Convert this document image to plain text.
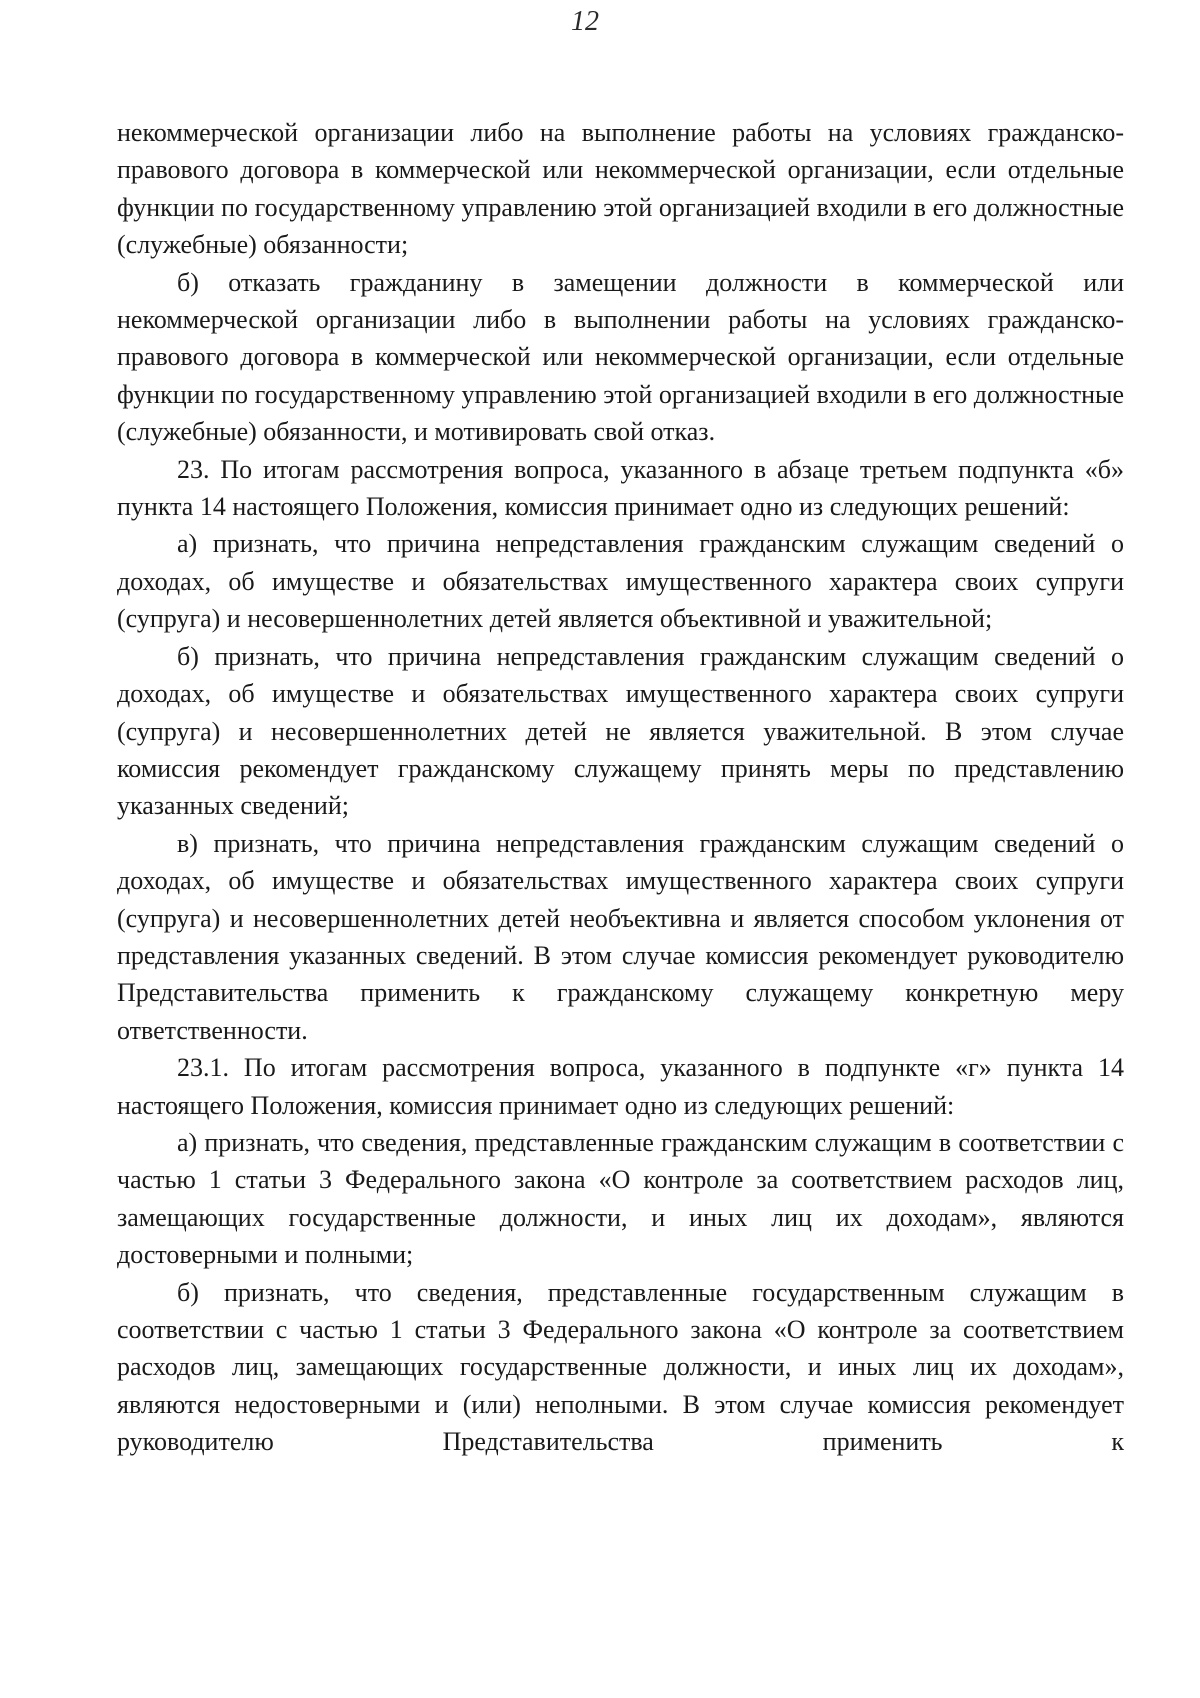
12

некоммерческой организации либо на выполнение работы на условиях гражданско-правового договора в коммерческой или некоммерческой организации, если отдельные функции по государственному управлению этой организацией входили в его должностные (служебные) обязанности;

б) отказать гражданину в замещении должности в коммерческой или некоммерческой организации либо в выполнении работы на условиях гражданско-правового договора в коммерческой или некоммерческой организации, если отдельные функции по государственному управлению этой организацией входили в его должностные (служебные) обязанности, и мотивировать свой отказ.

23. По итогам рассмотрения вопроса, указанного в абзаце третьем подпункта «б» пункта 14 настоящего Положения, комиссия принимает одно из следующих решений:

а) признать, что причина непредставления гражданским служащим сведений о доходах, об имуществе и обязательствах имущественного характера своих супруги (супруга) и несовершеннолетних детей является объективной и уважительной;

б) признать, что причина непредставления гражданским служащим сведений о доходах, об имуществе и обязательствах имущественного характера своих супруги (супруга) и несовершеннолетних детей не является уважительной. В этом случае комиссия рекомендует гражданскому служащему принять меры по представлению указанных сведений;

в) признать, что причина непредставления гражданским служащим сведений о доходах, об имуществе и обязательствах имущественного характера своих супруги (супруга) и несовершеннолетних детей необъективна и является способом уклонения от представления указанных сведений. В этом случае комиссия рекомендует руководителю Представительства применить к гражданскому служащему конкретную меру ответственности.

23.1. По итогам рассмотрения вопроса, указанного в подпункте «г» пункта 14 настоящего Положения, комиссия принимает одно из следующих решений:

а) признать, что сведения, представленные гражданским служащим в соответствии с частью 1 статьи 3 Федерального закона «О контроле за соответствием расходов лиц, замещающих государственные должности, и иных лиц их доходам», являются достоверными и полными;

б) признать, что сведения, представленные государственным служащим в соответствии с частью 1 статьи 3 Федерального закона «О контроле за соответствием расходов лиц, замещающих государственные должности, и иных лиц их доходам», являются недостоверными и (или) неполными. В этом случае комиссия рекомендует руководителю Представительства применить к
